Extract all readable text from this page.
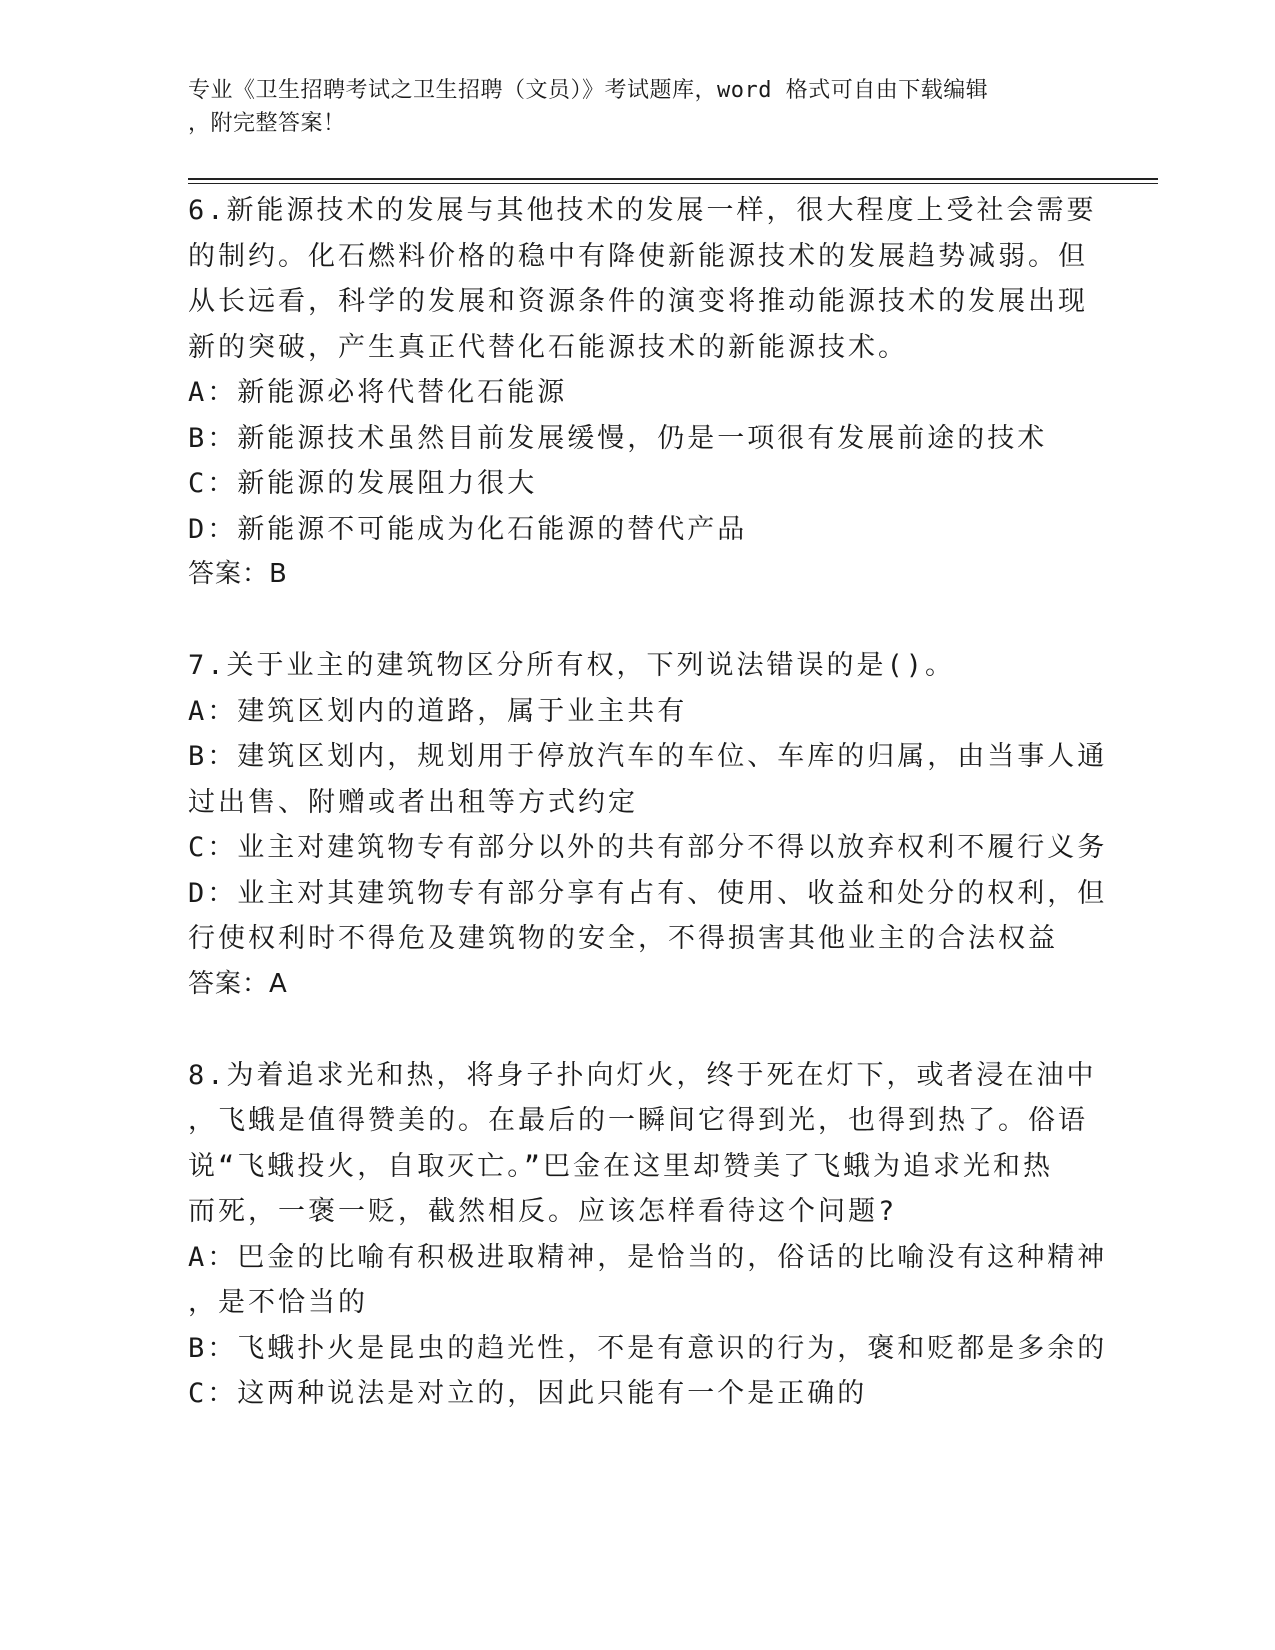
专业《卫生招聘考试之卫生招聘（文员）》考试题库，word 格式可自由下载编辑
，附完整答案！
6.新能源技术的发展与其他技术的发展一样，很大程度上受社会需要
的制约。化石燃料价格的稳中有降使新能源技术的发展趋势减弱。但
从长远看，科学的发展和资源条件的演变将推动能源技术的发展出现
新的突破，产生真正代替化石能源技术的新能源技术。
A：新能源必将代替化石能源
B：新能源技术虽然目前发展缓慢，仍是一项很有发展前途的技术
C：新能源的发展阻力很大
D：新能源不可能成为化石能源的替代产品
答案：B
7.关于业主的建筑物区分所有权，下列说法错误的是()。
A：建筑区划内的道路，属于业主共有
B：建筑区划内，规划用于停放汽车的车位、车库的归属，由当事人通
过出售、附赠或者出租等方式约定
C：业主对建筑物专有部分以外的共有部分不得以放弃权利不履行义务
D：业主对其建筑物专有部分享有占有、使用、收益和处分的权利，但
行使权利时不得危及建筑物的安全，不得损害其他业主的合法权益
答案：A
8.为着追求光和热，将身子扑向灯火，终于死在灯下，或者浸在油中
，飞蛾是值得赞美的。在最后的一瞬间它得到光，也得到热了。俗语
说“飞蛾投火，自取灭亡。”巴金在这里却赞美了飞蛾为追求光和热
而死，一褒一贬，截然相反。应该怎样看待这个问题?
A：巴金的比喻有积极进取精神，是恰当的，俗话的比喻没有这种精神
，是不恰当的
B：飞蛾扑火是昆虫的趋光性，不是有意识的行为，褒和贬都是多余的
C：这两种说法是对立的，因此只能有一个是正确的
